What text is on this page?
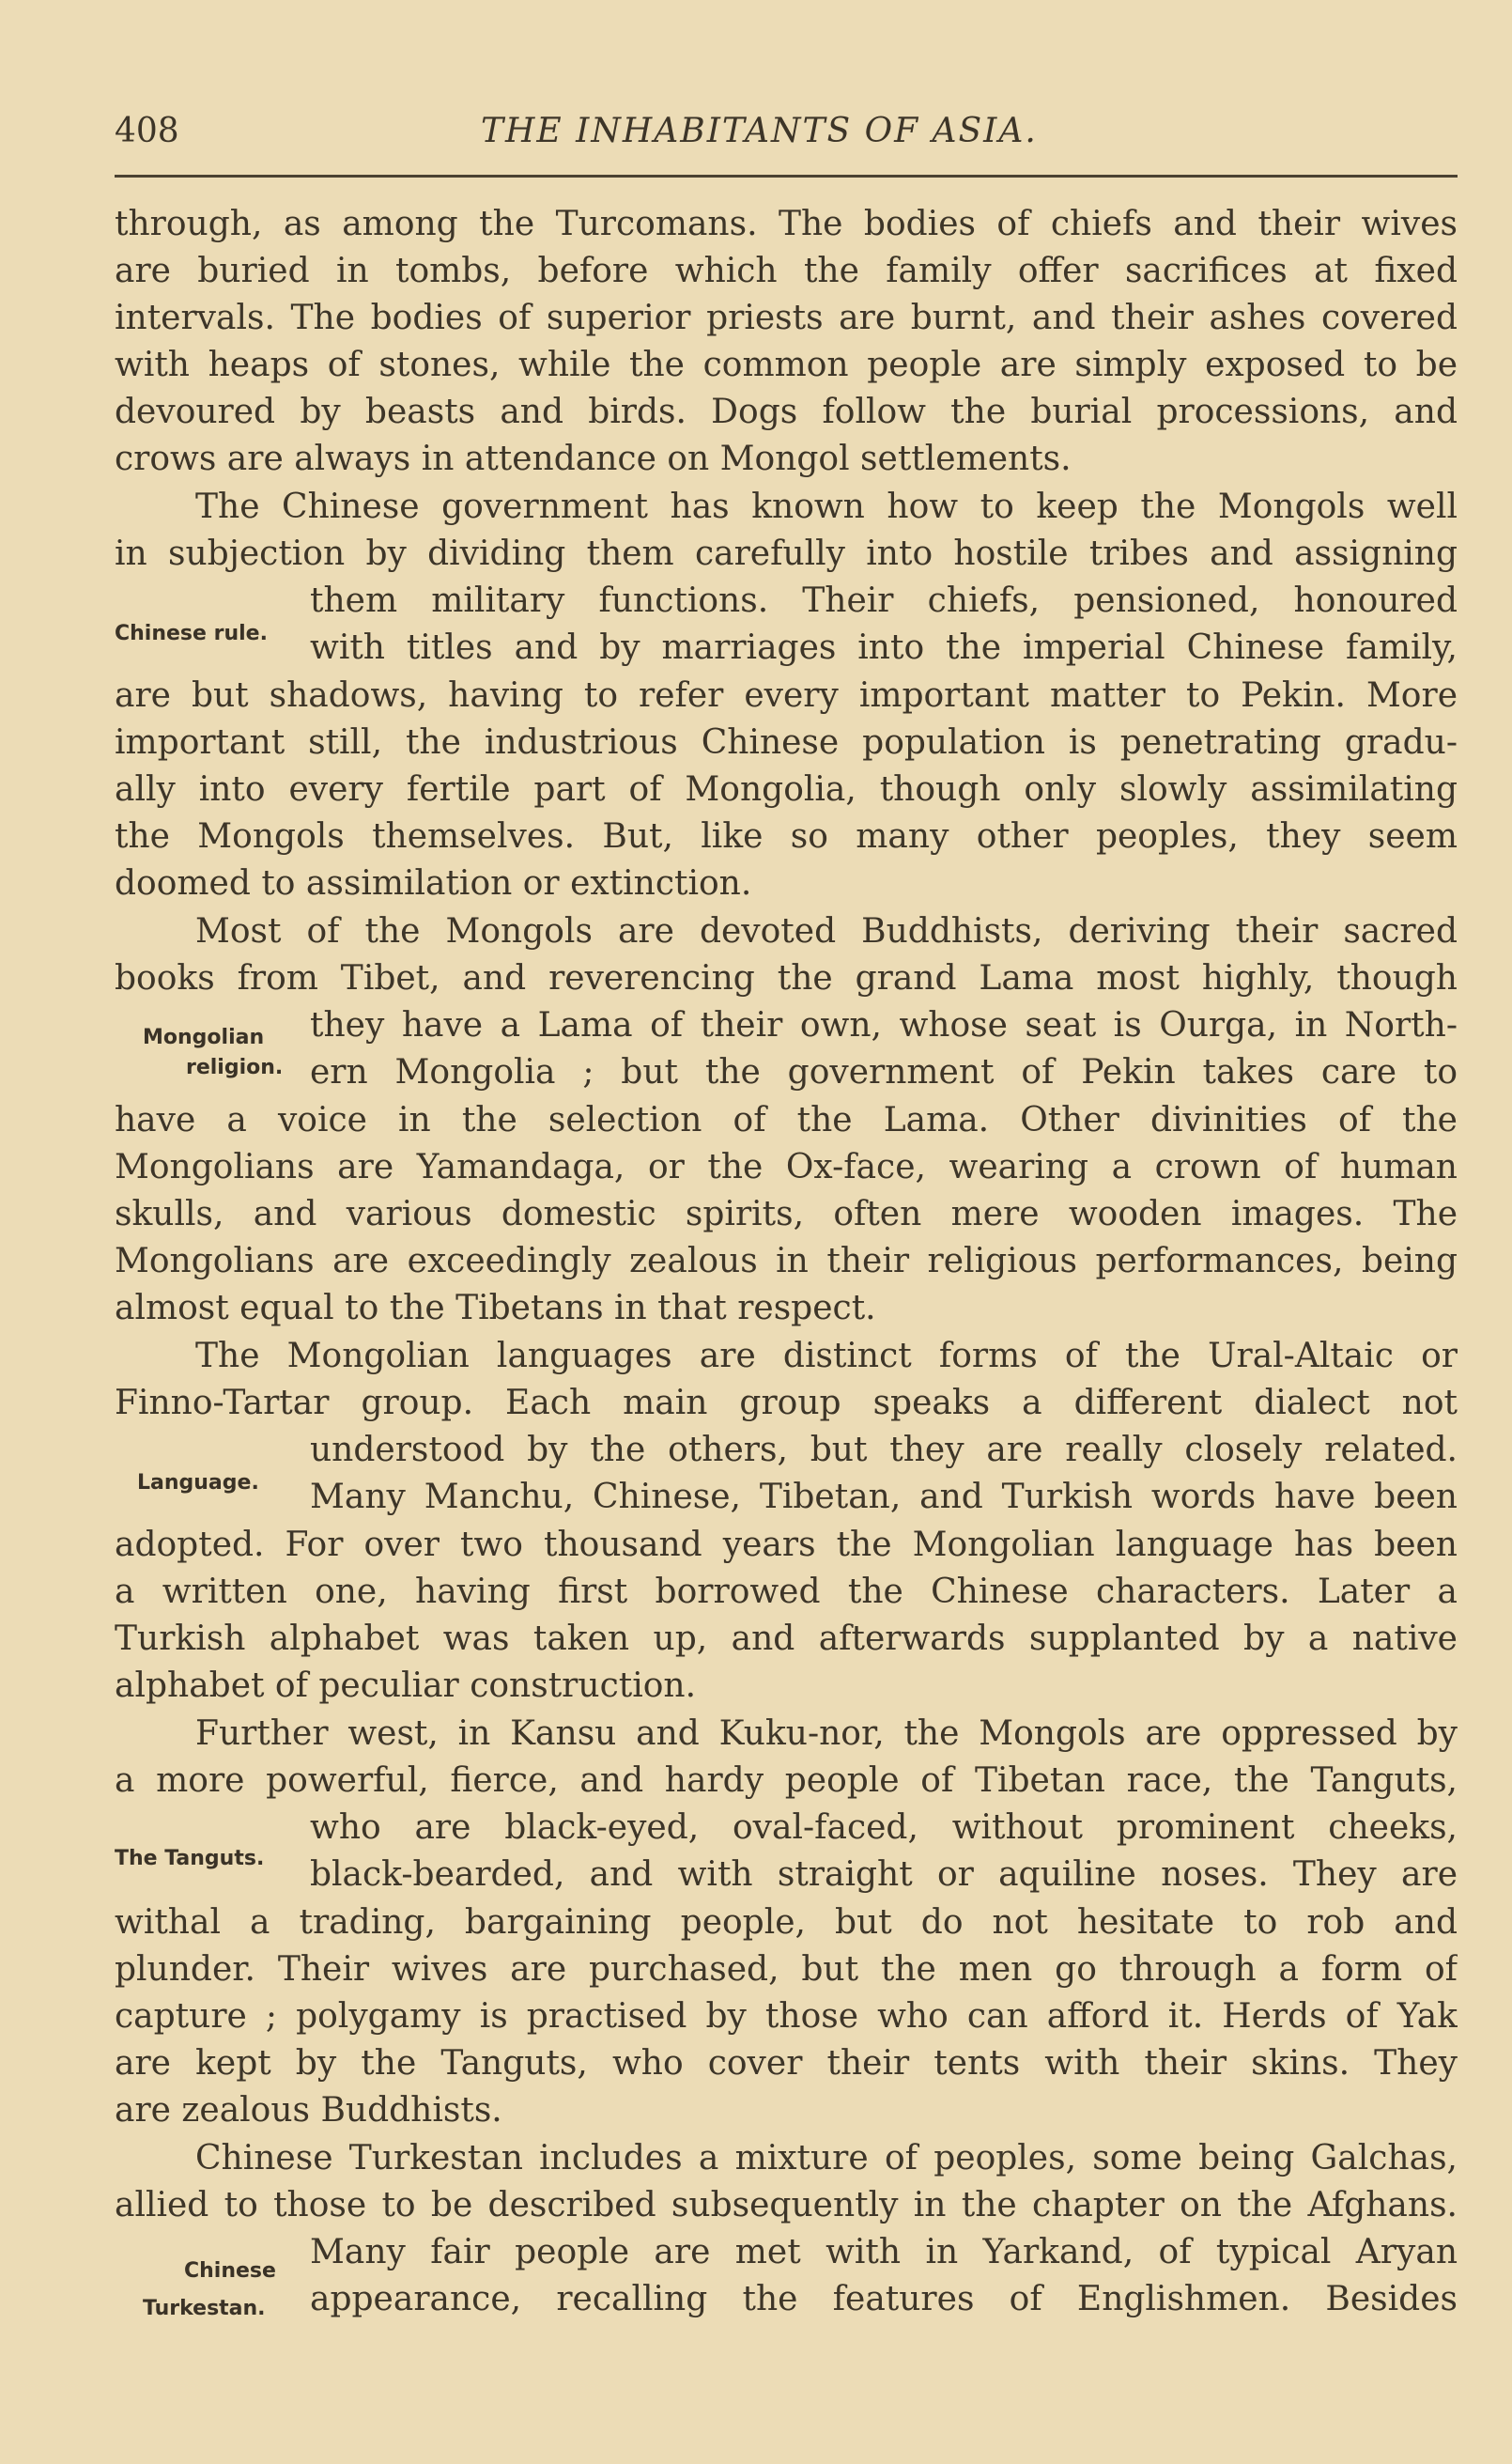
408	THE INHABITANTS OF ASIA.
through, as among the Turcomans. The bodies of chiefs and their wives
are buried in tombs, before which the family offer sacrifices at fixed
intervals. The bodies of superior priests are burnt, and their ashes covered
with heaps of stones, while the common people are simply exposed to be
devoured by beasts and birds. Dogs follow the burial processions, and
crows are always in attendance on Mongol settlements.
The Chinese government has known how to keep the Mongols well
in subjection by dividing them carefully into hostile tribes and assigning
them military functions. Their chiefs, pensioned, honoured
with titles and by marriages into the imperial Chinese family,
are but shadows, having to refer every important matter to Pekin. More
important still, the industrious Chinese population is penetrating gradu-
ally into every fertile part of Mongolia, though only slowly assimilating
the Mongols themselves. But, like so many other peoples, they seem
doomed to assimilation or extinction.
Most of the Mongols are devoted Buddhists, deriving their sacred
books from Tibet, and reverencing the grand Lama most highly, though
they have a Lama of their own, whose seat is Ourga, in North-
ern Mongolia ; but the government of Pekin takes care to
have a voice in the selection of the Lama. Other divinities of the
Mongolians are Yamandaga, or the Ox-face, wearing a crown of human
skulls, and various domestic spirits, often mere wooden images. The
Mongolians are exceedingly zealous in their religious performances, being
almost equal to the Tibetans in that respect.
The Mongolian languages are distinct forms of the Ural-Altaic or
Finno-Tartar group. Each main group speaks a different dialect not
understood by the others, but they are really closely related.
Many Manchu, Chinese, Tibetan, and Turkish words have been
adopted. For over two thousand years the Mongolian language has been
a written one, having first borrowed the Chinese characters. Later a
Turkish alphabet was taken up, and afterwards supplanted by a native
alphabet of peculiar construction.
Further west, in Kansu and Kuku-nor, the Mongols are oppressed by
a more powerful, fierce, and hardy people of Tibetan race, the Tanguts,
who are black-eyed, oval-faced, without prominent cheeks,
black-bearded, and with straight or aquiline noses. They are
withal a trading, bargaining people, but do not hesitate to rob and
plunder. Their wives are purchased, but the men go through a form of
capture ; polygamy is practised by those who can afford it. Herds of Yak
are kept by the Tanguts, who cover their tents with their skins. They
are zealous Buddhists.
Chinese Turkestan includes a mixture of peoples, some being Galchas,
allied to those to be described subsequently in the chapter on the Afghans.
Many fair people are met with in Yarkand, of typical Aryan
appearance, recalling the features of Englishmen. Besides
Chinese rule.
Mongolian
religion.
Language.
The Tanguts.
Chinese
Turkestan.
